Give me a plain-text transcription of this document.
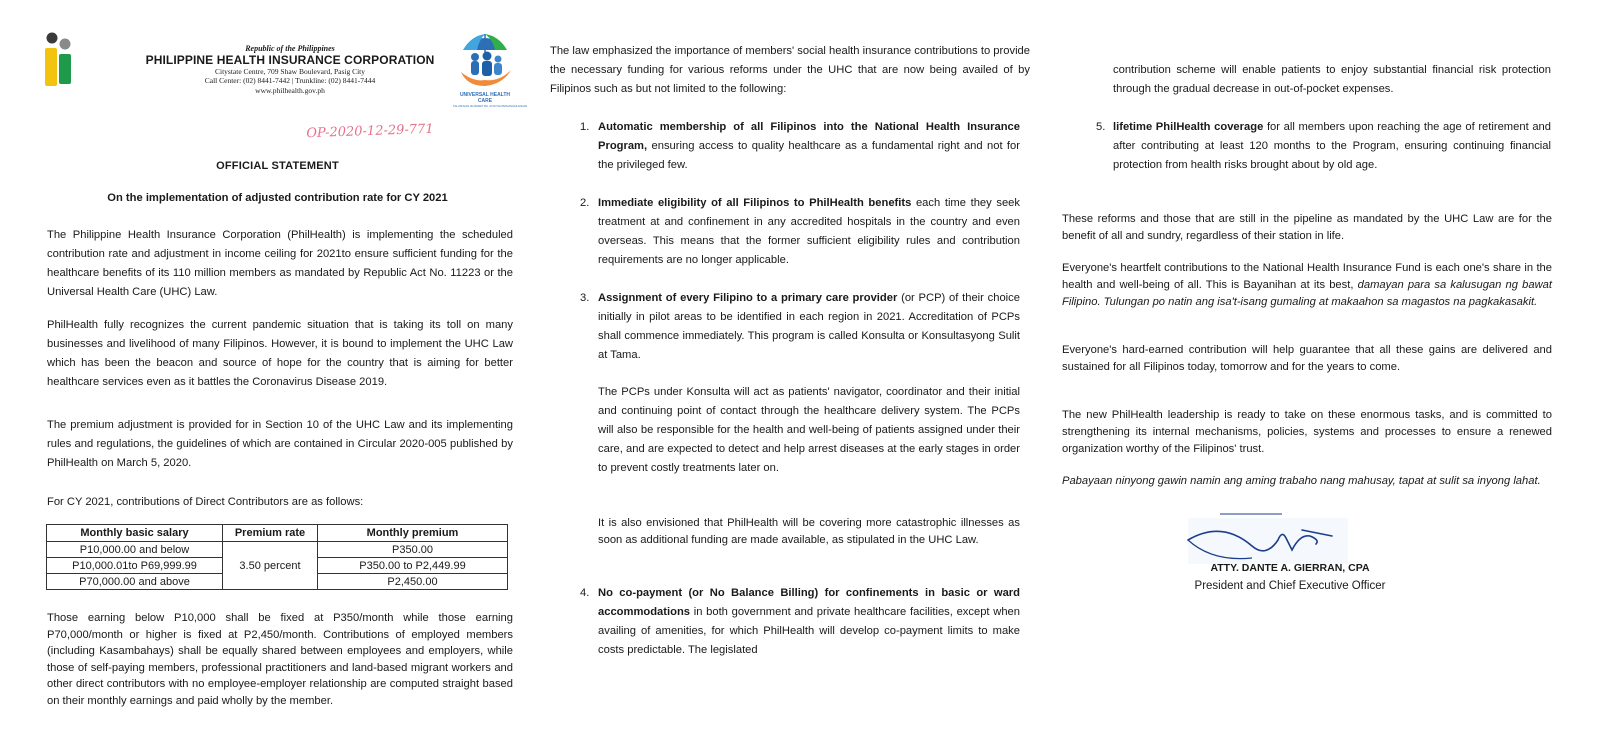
Republic of the Philippines
PHILIPPINE HEALTH INSURANCE CORPORATION
Citystate Centre, 709 Shaw Boulevard, Pasig City
Call Center: (02) 8441-7442 | Trunkline: (02) 8441-7444
www.philhealth.gov.ph	UNIVERSAL HEALTH CARE
KALUSUGAN NG BAWAT ISA, AYON SA PANGANGAILANGAN
OP-2020-12-29-771
OFFICIAL STATEMENT
On the implementation of adjusted contribution rate for CY 2021

The Philippine Health Insurance Corporation (PhilHealth) is implementing the scheduled contribution rate and adjustment in income ceiling for 2021to ensure sufficient funding for the healthcare benefits of its 110 million members as mandated by Republic Act No. 11223 or the Universal Health Care (UHC) Law.

PhilHealth fully recognizes the current pandemic situation that is taking its toll on many businesses and livelihood of many Filipinos. However, it is bound to implement the UHC Law which has been the beacon and source of hope for the country that is aiming for better healthcare services even as it battles the Coronavirus Disease 2019.

The premium adjustment is provided for in Section 10 of the UHC Law and its implementing rules and regulations, the guidelines of which are contained in Circular 2020-005 published by PhilHealth on March 5, 2020.

For CY 2021, contributions of Direct Contributors are as follows:

Monthly basic salary	Premium rate	Monthly premium
P10,000.00 and below	3.50 percent	P350.00
P10,000.01to P69,999.99		P350.00 to P2,449.99
P70,000.00 and above		P2,450.00

Those earning below P10,000 shall be fixed at P350/month while those earning P70,000/month or higher is fixed at P2,450/month. Contributions of employed members (including Kasambahays) shall be equally shared between employees and employers, while those of self-paying members, professional practitioners and land-based migrant workers and other direct contributors with no employee-employer relationship are computed straight based on their monthly earnings and paid wholly by the member.

The law emphasized the importance of members' social health insurance contributions to provide the necessary funding for various reforms under the UHC that are now being availed of by Filipinos such as but not limited to the following:

1. Automatic membership of all Filipinos into the National Health Insurance Program, ensuring access to quality healthcare as a fundamental right and not for the privileged few.

2. Immediate eligibility of all Filipinos to PhilHealth benefits each time they seek treatment at and confinement in any accredited hospitals in the country and even overseas. This means that the former sufficient eligibility rules and contribution requirements are no longer applicable.

3. Assignment of every Filipino to a primary care provider (or PCP) of their choice initially in pilot areas to be identified in each region in 2021. Accreditation of PCPs shall commence immediately. This program is called Konsulta or Konsultasyong Sulit at Tama.

The PCPs under Konsulta will act as patients' navigator, coordinator and their initial and continuing point of contact through the healthcare delivery system. The PCPs will also be responsible for the health and well-being of patients assigned under their care, and are expected to detect and help arrest diseases at the early stages in order to prevent costly treatments later on.

It is also envisioned that PhilHealth will be covering more catastrophic illnesses as soon as additional funding are made available, as stipulated in the UHC Law.

4. No co-payment (or No Balance Billing) for confinements in basic or ward accommodations in both government and private healthcare facilities, except when availing of amenities, for which PhilHealth will develop co-payment limits to make costs predictable. The legislated

contribution scheme will enable patients to enjoy substantial financial risk protection through the gradual decrease in out-of-pocket expenses.

5. lifetime PhilHealth coverage for all members upon reaching the age of retirement and after contributing at least 120 months to the Program, ensuring continuing financial protection from health risks brought about by old age.

These reforms and those that are still in the pipeline as mandated by the UHC Law are for the benefit of all and sundry, regardless of their station in life.

Everyone's heartfelt contributions to the National Health Insurance Fund is each one's share in the health and well-being of all. This is Bayanihan at its best, damayan para sa kalusugan ng bawat Filipino. Tulungan po natin ang isa't-isang gumaling at makaahon sa magastos na pagkakasakit.

Everyone's hard-earned contribution will help guarantee that all these gains are delivered and sustained for all Filipinos today, tomorrow and for the years to come.

The new PhilHealth leadership is ready to take on these enormous tasks, and is committed to strengthening its internal mechanisms, policies, systems and processes to ensure a renewed organization worthy of the Filipinos' trust.

Pabayaan ninyong gawin namin ang aming trabaho nang mahusay, tapat at sulit sa inyong lahat.

ATTY. DANTE A. GIERRAN, CPA
President and Chief Executive Officer
